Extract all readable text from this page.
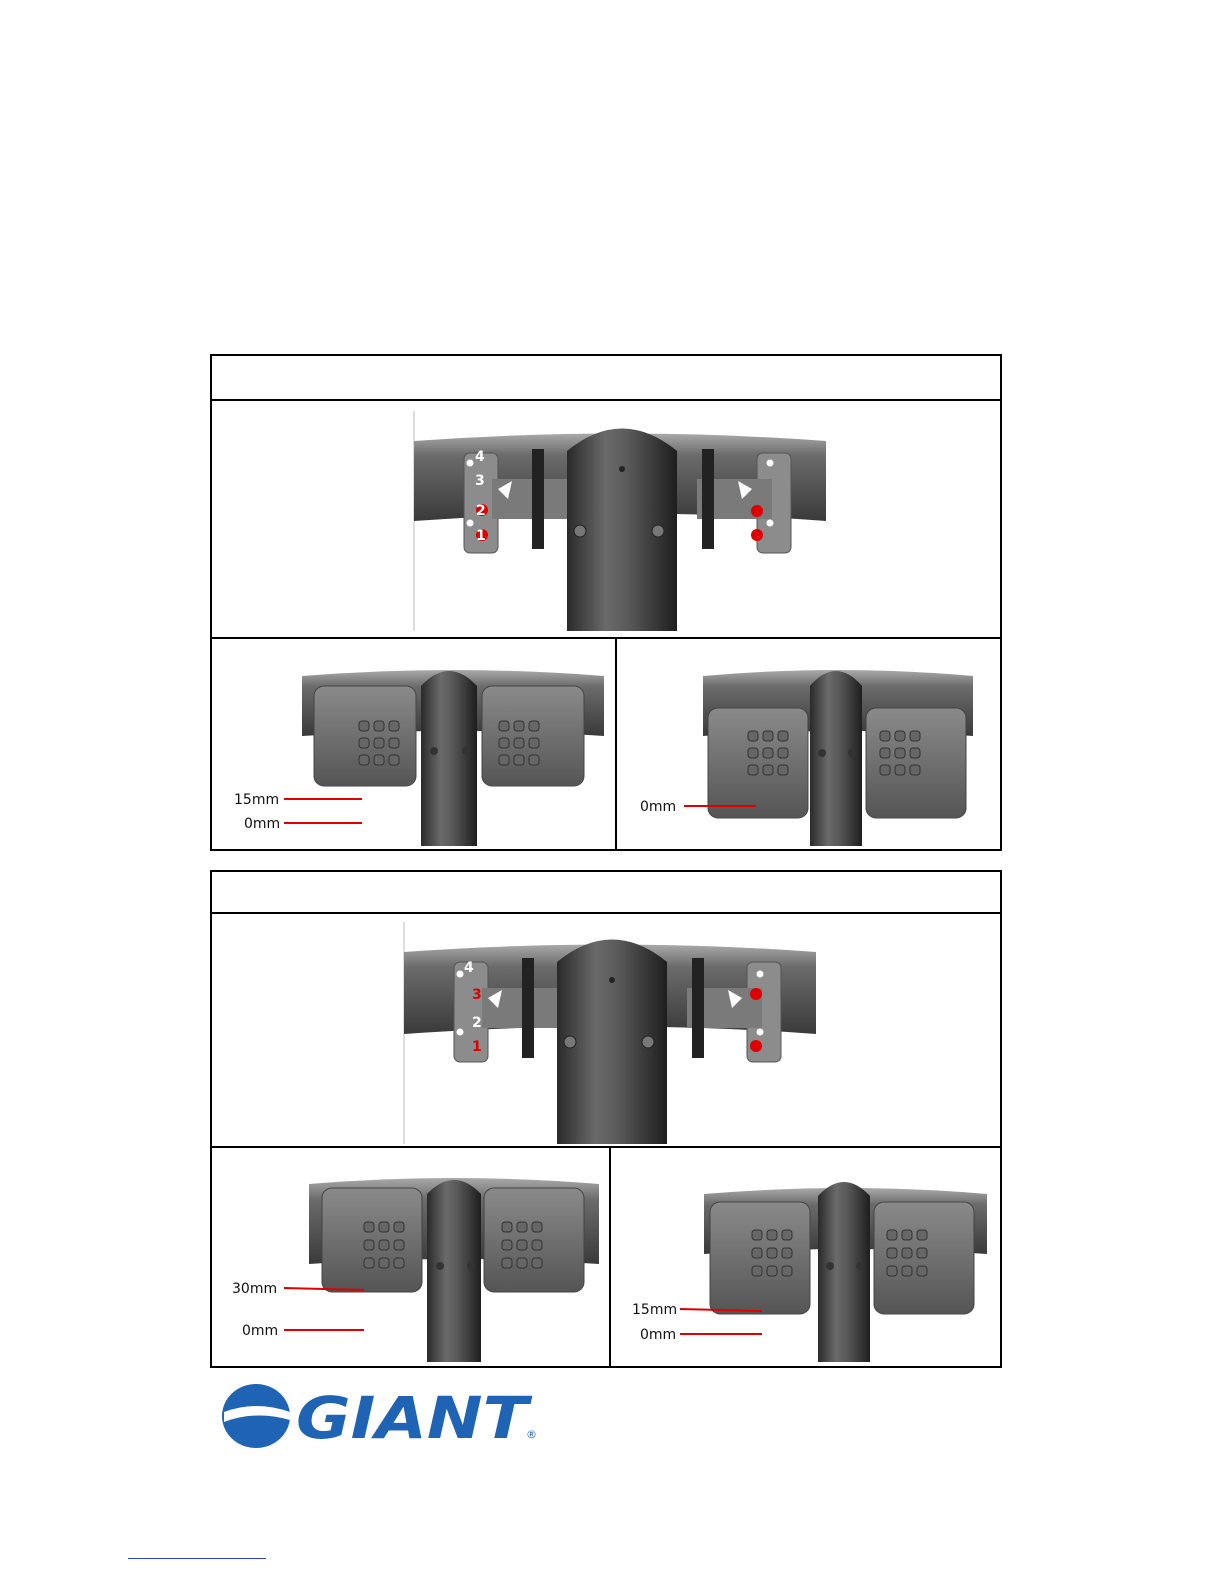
4
3
2
1
15mm
0mm
0mm
4
3
2
1
30mm
0mm
15mm
0mm
GIANT
®
